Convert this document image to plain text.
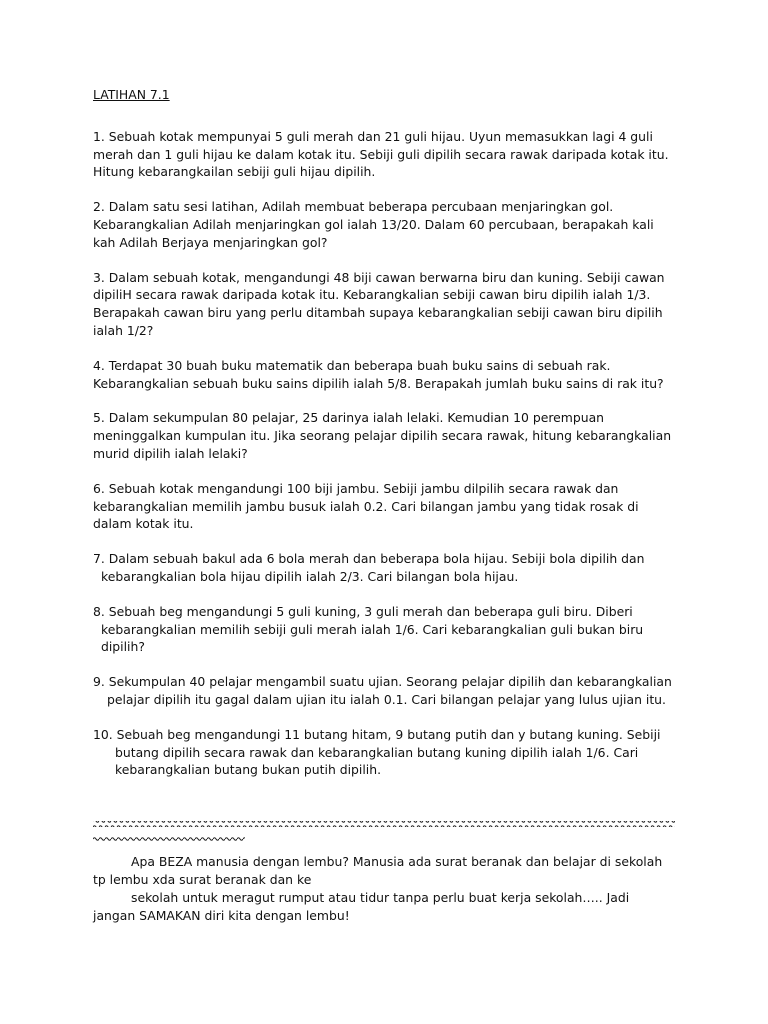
LATIHAN 7.1
1. Sebuah kotak mempunyai 5 guli merah dan 21 guli hijau. Uyun memasukkan lagi 4 guli
merah dan 1 guli hijau ke dalam kotak itu. Sebiji guli dipilih secara rawak daripada kotak itu.
Hitung kebarangkailan sebiji guli hijau dipilih.
2. Dalam satu sesi latihan, Adilah membuat beberapa percubaan menjaringkan gol.
Kebarangkalian Adilah menjaringkan gol ialah 13/20. Dalam 60 percubaan, berapakah kali
kah Adilah Berjaya menjaringkan gol?
3. Dalam sebuah kotak, mengandungi 48 biji cawan berwarna biru dan kuning. Sebiji cawan
dipiliH secara rawak daripada kotak itu. Kebarangkalian sebiji cawan biru dipilih ialah 1/3.
Berapakah cawan biru yang perlu ditambah supaya kebarangkalian sebiji cawan biru dipilih
ialah 1/2?
4. Terdapat 30 buah buku matematik dan beberapa buah buku sains di sebuah rak.
Kebarangkalian sebuah buku sains dipilih ialah 5/8. Berapakah jumlah buku sains di rak itu?
5. Dalam sekumpulan 80 pelajar, 25 darinya ialah lelaki. Kemudian 10 perempuan
meninggalkan kumpulan itu. Jika seorang pelajar dipilih secara rawak, hitung kebarangkalian
murid dipilih ialah lelaki?
6. Sebuah kotak mengandungi 100 biji jambu. Sebiji jambu dilpilih secara rawak dan
kebarangkalian memilih jambu busuk ialah 0.2. Cari bilangan jambu yang tidak rosak di
dalam kotak itu.
7. Dalam sebuah bakul ada 6 bola merah dan beberapa bola hijau. Sebiji bola dipilih dan
kebarangkalian bola hijau dipilih ialah 2/3. Cari bilangan bola hijau.
8. Sebuah beg mengandungi 5 guli kuning, 3 guli merah dan beberapa guli biru. Diberi
kebarangkalian memilih sebiji guli merah ialah 1/6. Cari kebarangkalian guli bukan biru
dipilih?
9. Sekumpulan 40 pelajar mengambil suatu ujian. Seorang pelajar dipilih dan kebarangkalian
pelajar dipilih itu gagal dalam ujian itu ialah 0.1. Cari bilangan pelajar yang lulus ujian itu.
10. Sebuah beg mengandungi 11 butang hitam, 9 butang putih dan y butang kuning. Sebiji
butang dipilih secara rawak dan kebarangkalian butang kuning dipilih ialah 1/6. Cari
kebarangkalian butang bukan putih dipilih.
Apa BEZA manusia dengan lembu? Manusia ada surat beranak dan belajar di sekolah
tp lembu xda surat beranak dan ke
sekolah untuk meragut rumput atau tidur tanpa perlu buat kerja sekolah….. Jadi
jangan SAMAKAN diri kita dengan lembu!
